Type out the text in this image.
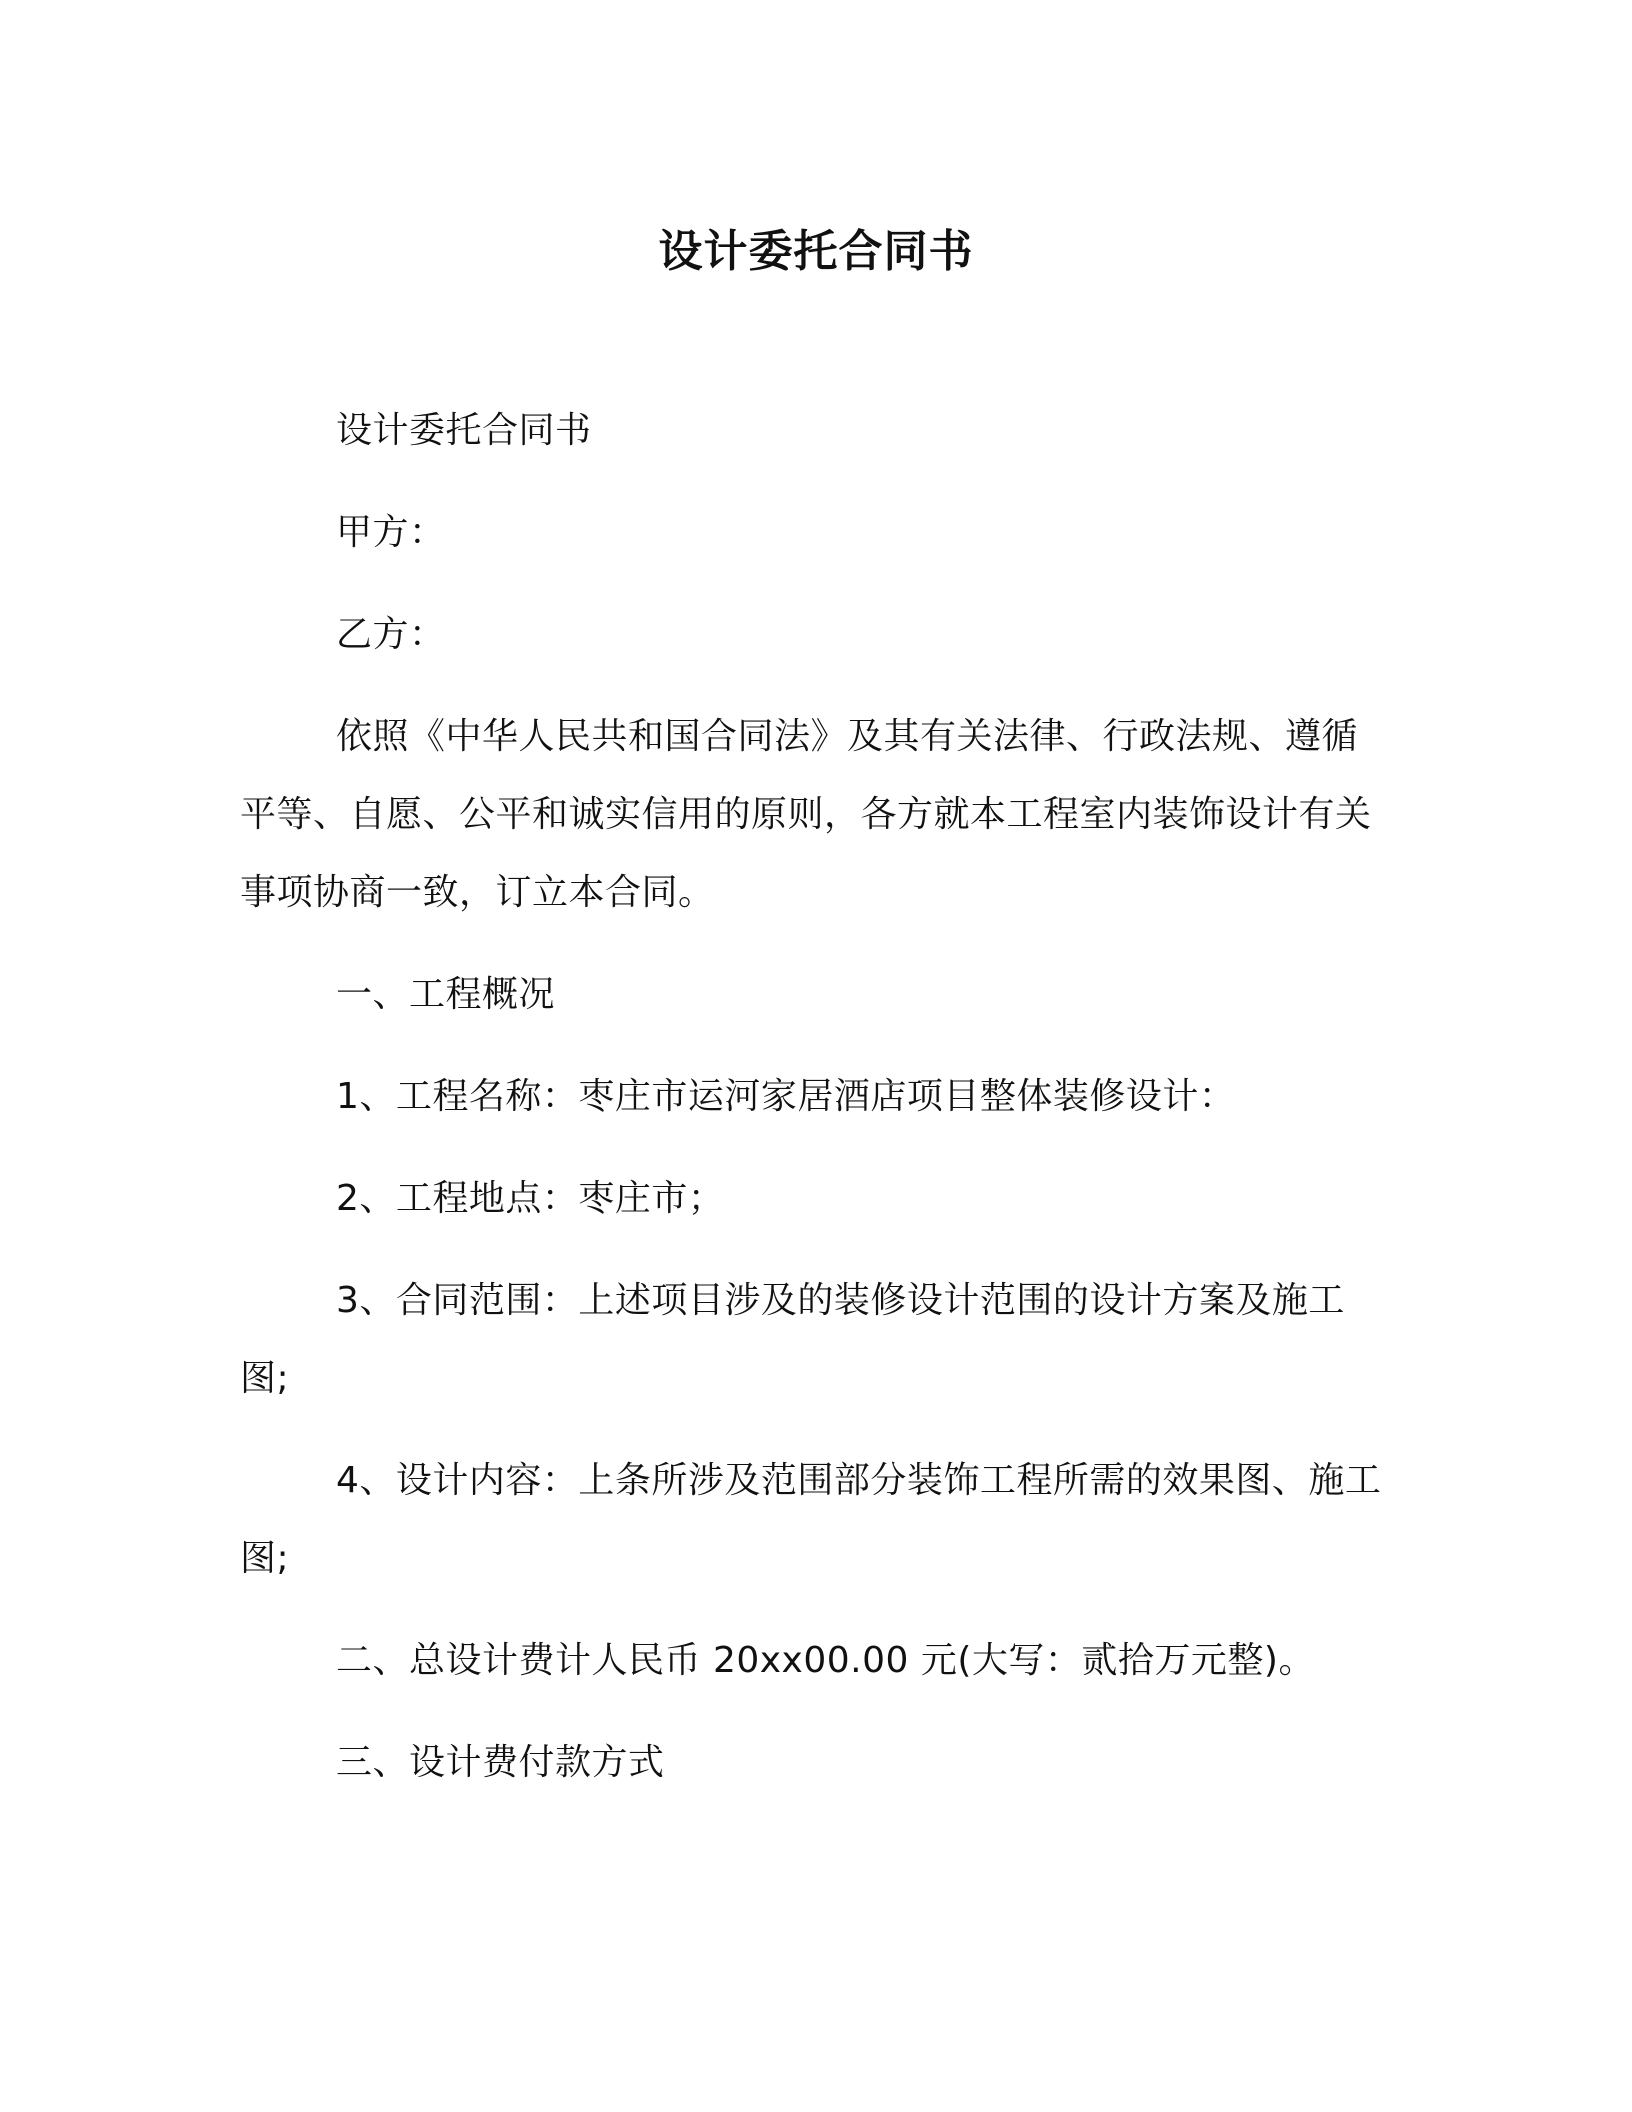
设计委托合同书

设计委托合同书

甲方：

乙方：

依照《中华人民共和国合同法》及其有关法律、行政法规、遵循平等、自愿、公平和诚实信用的原则，各方就本工程室内装饰设计有关事项协商一致，订立本合同。

一、工程概况

1、工程名称：枣庄市运河家居酒店项目整体装修设计：

2、工程地点：枣庄市；

3、合同范围：上述项目涉及的装修设计范围的设计方案及施工图;

4、设计内容：上条所涉及范围部分装饰工程所需的效果图、施工图;

二、总设计费计人民币 20xx00.00 元(大写：贰拾万元整)。

三、设计费付款方式
